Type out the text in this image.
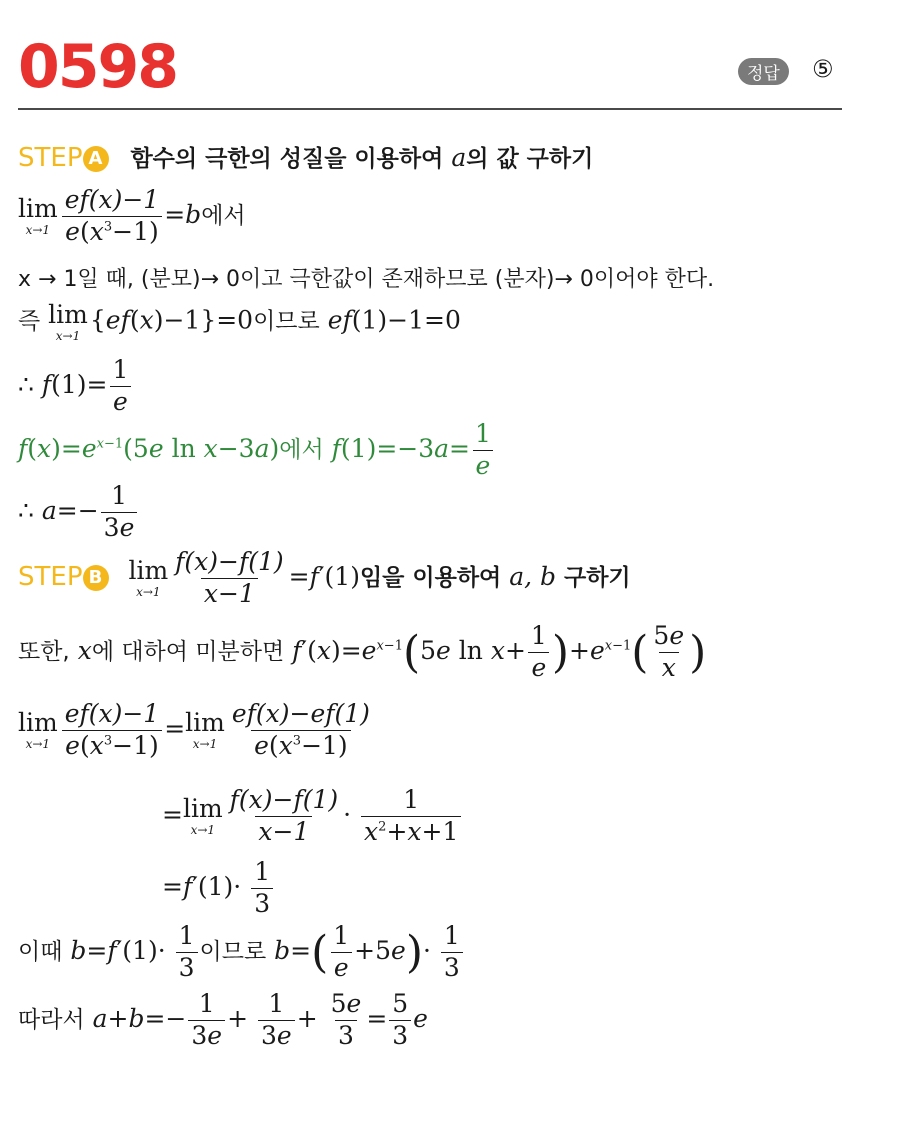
0598	정답	⑤
STEP A 함수의 극한의 성질을 이용하여 a의 값 구하기
lim
$x\to 1 \frac{ef(x)-1}{e(x^3-1)} =b$에서
x → 1일 때, (분모)→ 0이고 극한값이 존재하므로 (분자)→ 0이어야 한다.
즉 lim
x→1
{ef(x)−1}=0이므로 ef(1)−1=0
∴ $f(1)= \frac{1}{e}$
$f(x)=e^{x-1}(5e$ ln x−3a)에서 $f(1)=-3a= \frac{1}{e}$
∴ $a=- \frac{1}{3e}$
STEP B lim
$x\to 1 \frac{f(x)-f(1)}{x-1} =f'(1)$임을 이용하여 a, b 구하기
또한, x에 대하여 미분하면 $f'(x)=e^{x-1}(5e$ $\ln x+ \frac{1}{e} )+e^{x-1}( \frac{5e}{x}$ )
lim
$x\to 1 \frac{ef(x)-1}{e(x^3-1)} = \lim$
$x\to 1 \frac{ef(x)-ef(1)}{e(x^3-1)}$
= lim
$x\to 1 \frac{f(x)-f(1)}{x-1} \cdot \frac{1}{x^2+x+1}$
$=f'(1)\cdot \frac{1}{3}$
이때 $b=f'(1)\cdot \frac{1}{3}$ 이므로 $b=( \frac{1}{e} +5e)\cdot \frac{1}{3}$
따라서 $a+b=- \frac{1}{3e} + \frac{1}{3e} + \frac{5e}{3} = \frac{5}{3}$ e
